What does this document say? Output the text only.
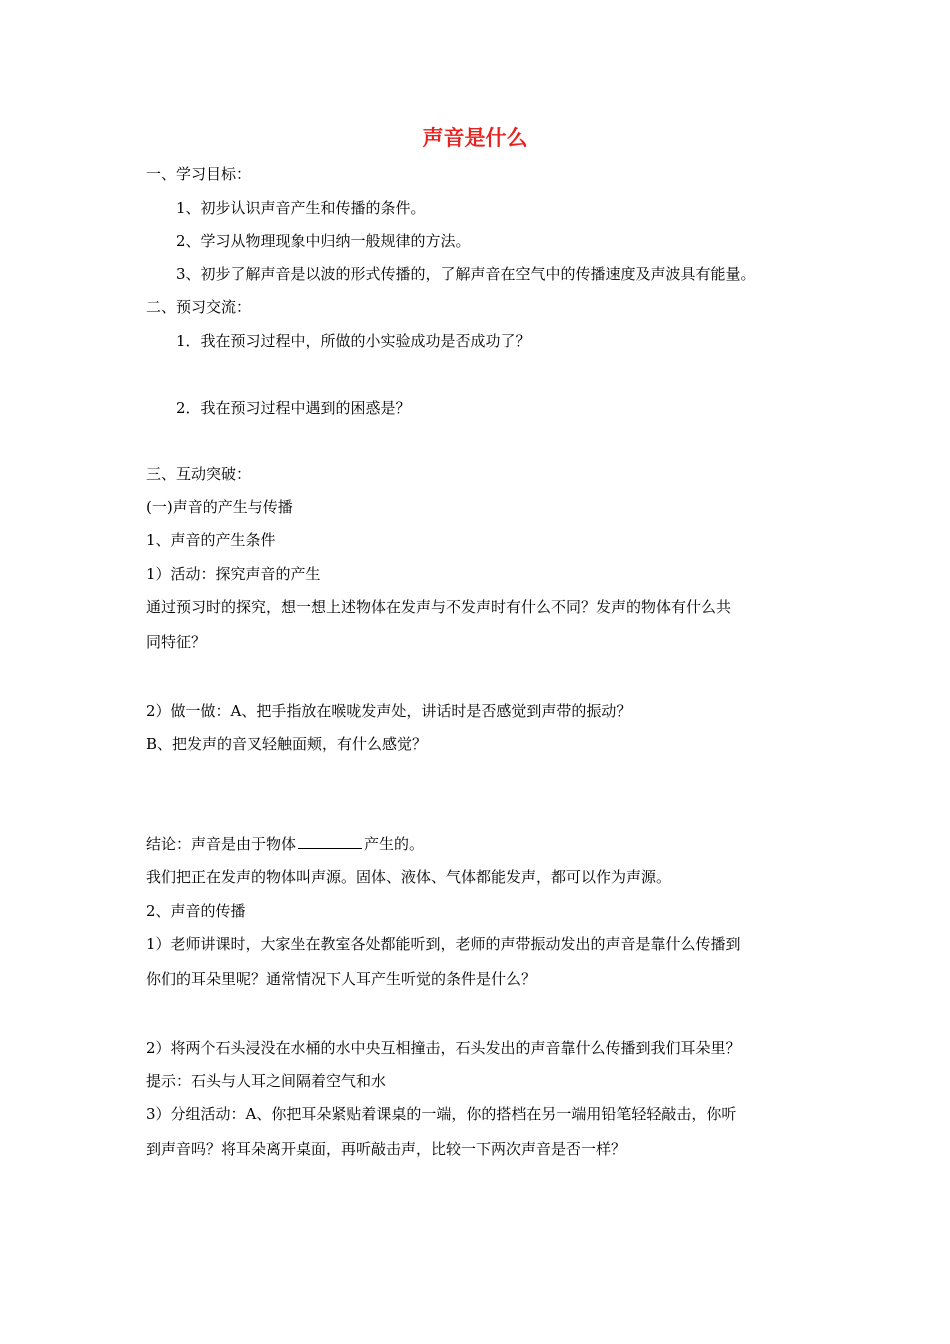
声音是什么
一、学习目标：
1、初步认识声音产生和传播的条件。
2、学习从物理现象中归纳一般规律的方法。
3、初步了解声音是以波的形式传播的，了解声音在空气中的传播速度及声波具有能量。
二、预习交流：
1．我在预习过程中，所做的小实验成功是否成功了？
2．我在预习过程中遇到的困惑是？
三、互动突破：
(一)声音的产生与传播
1、声音的产生条件
1）活动：探究声音的产生
通过预习时的探究，想一想上述物体在发声与不发声时有什么不同？发声的物体有什么共
同特征？
2）做一做：A、把手指放在喉咙发声处，讲话时是否感觉到声带的振动？
B、把发声的音叉轻触面颊，有什么感觉？
结论：声音是由于物体	产生的。
我们把正在发声的物体叫声源。固体、液体、气体都能发声，都可以作为声源。
2、声音的传播
1）老师讲课时，大家坐在教室各处都能听到，老师的声带振动发出的声音是靠什么传播到
你们的耳朵里呢？通常情况下人耳产生听觉的条件是什么？
2）将两个石头浸没在水桶的水中央互相撞击，石头发出的声音靠什么传播到我们耳朵里？
提示：石头与人耳之间隔着空气和水
3）分组活动：A、你把耳朵紧贴着课桌的一端，你的搭档在另一端用铅笔轻轻敲击，你听
到声音吗？将耳朵离开桌面，再听敲击声，比较一下两次声音是否一样？
